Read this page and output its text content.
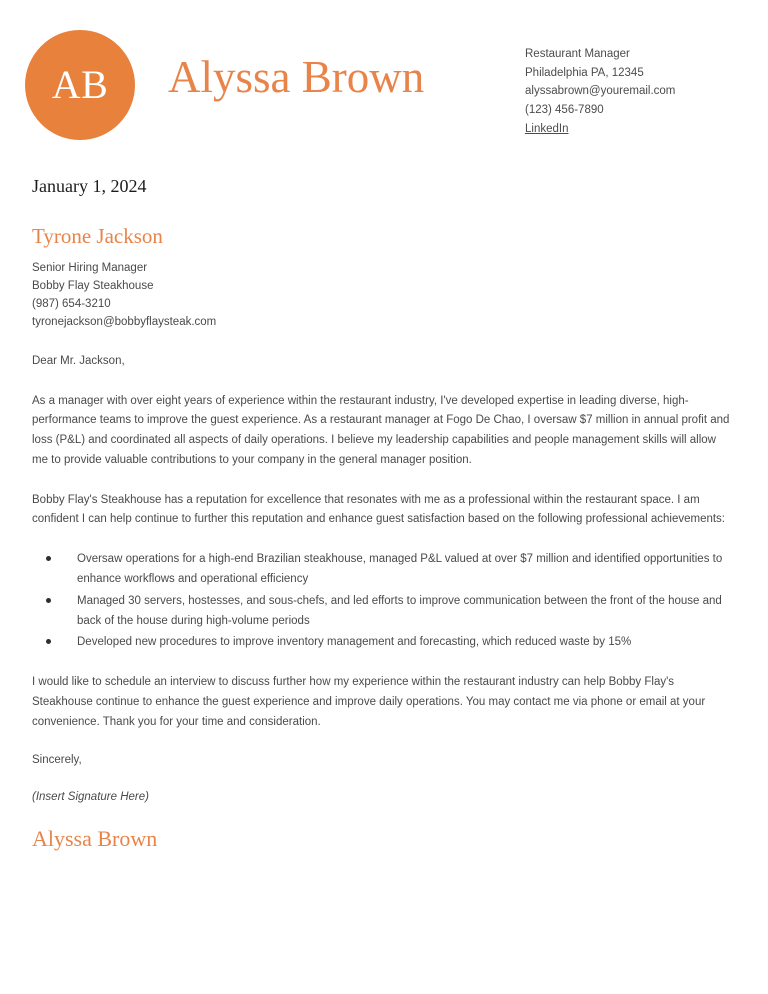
AB Alyssa Brown	Restaurant Manager
Philadelphia PA, 12345
alyssabrown@youremail.com
(123) 456-7890
LinkedIn
January 1, 2024
Tyrone Jackson
Senior Hiring Manager
Bobby Flay Steakhouse
(987) 654-3210
tyronejackson@bobbyflaysteak.com
Dear Mr. Jackson,
As a manager with over eight years of experience within the restaurant industry, I've developed expertise in leading diverse, high-performance teams to improve the guest experience. As a restaurant manager at Fogo De Chao, I oversaw $7 million in annual profit and loss (P&L) and coordinated all aspects of daily operations. I believe my leadership capabilities and people management skills will allow me to provide valuable contributions to your company in the general manager position.
Bobby Flay's Steakhouse has a reputation for excellence that resonates with me as a professional within the restaurant space. I am confident I can help continue to further this reputation and enhance guest satisfaction based on the following professional achievements:
Oversaw operations for a high-end Brazilian steakhouse, managed P&L valued at over $7 million and identified opportunities to enhance workflows and operational efficiency
Managed 30 servers, hostesses, and sous-chefs, and led efforts to improve communication between the front of the house and back of the house during high-volume periods
Developed new procedures to improve inventory management and forecasting, which reduced waste by 15%
I would like to schedule an interview to discuss further how my experience within the restaurant industry can help Bobby Flay's Steakhouse continue to enhance the guest experience and improve daily operations. You may contact me via phone or email at your convenience. Thank you for your time and consideration.
Sincerely,
(Insert Signature Here)
Alyssa Brown
